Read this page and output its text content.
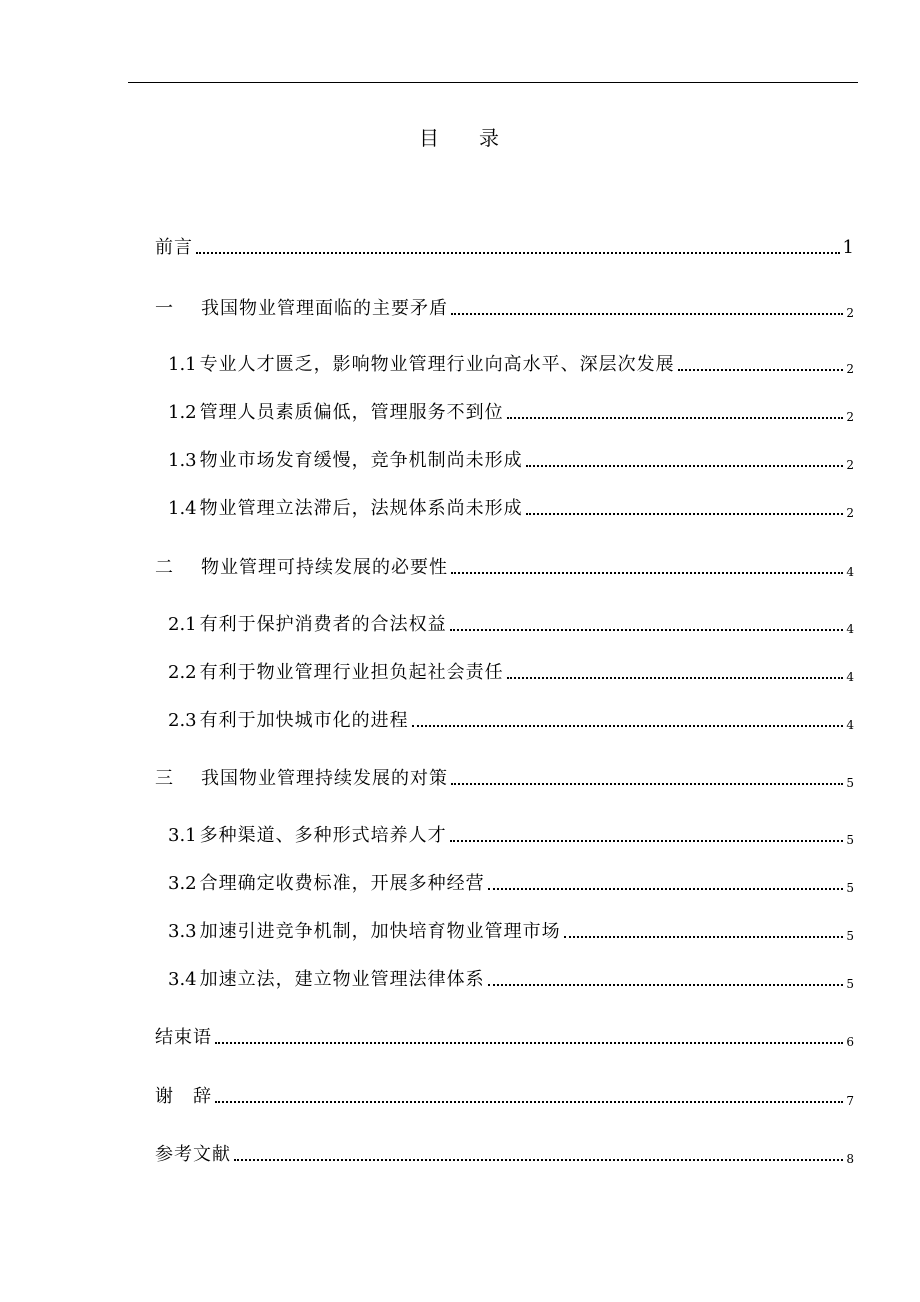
目 录
前言	1
一	我国物业管理面临的主要矛盾	2
1.1 专业人才匮乏，影响物业管理行业向高水平、深层次发展	2
1.2 管理人员素质偏低，管理服务不到位	2
1.3 物业市场发育缓慢，竞争机制尚未形成	2
1.4 物业管理立法滞后，法规体系尚未形成	2
二	物业管理可持续发展的必要性	4
2.1 有利于保护消费者的合法权益	4
2.2 有利于物业管理行业担负起社会责任	4
2.3 有利于加快城市化的进程	4
三	我国物业管理持续发展的对策	5
3.1 多种渠道、多种形式培养人才	5
3.2 合理确定收费标准，开展多种经营	5
3.3 加速引进竞争机制，加快培育物业管理市场	5
3.4 加速立法，建立物业管理法律体系	5
结束语	6
谢　辞	7
参考文献	8
